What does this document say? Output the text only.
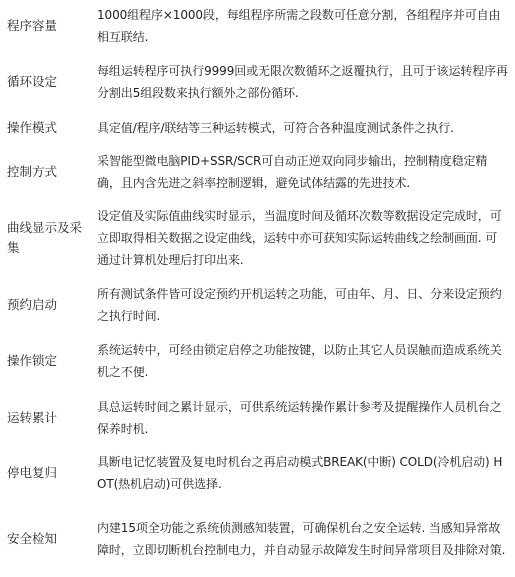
程序容量	1000组程序×1000段，每组程序所需之段数可任意分割，各组程序并可自由相互联结.
循环设定	每组运转程序可执行9999回或无限次数循环之返覆执行，且可于该运转程序再分割出5组段数来执行额外之部份循环.
操作模式	具定值/程序/联结等三种运转模式，可符合各种温度测试条件之执行.
控制方式	采智能型微电脑PID+SSR/SCR可自动正逆双向同步输出，控制精度稳定精确，且内含先进之斜率控制逻辑，避免试体结露的先进技术.
曲线显示及采集	设定值及实际值曲线实时显示，当温度时间及循环次数等数据设定完成时，可立即取得相关数据之设定曲线，运转中亦可获知实际运转曲线之绘制画面. 可通过计算机处理后打印出来.
预约启动	所有测试条件皆可设定预约开机运转之功能，可由年、月、日、分来设定预约之执行时间.
操作锁定	系统运转中，可经由锁定启停之功能按键，以防止其它人员误触而造成系统关机之不便.
运转累计	具总运转时间之累计显示，可供系统运转操作累计参考及提醒操作人员机台之保养时机.
停电复归	具断电记忆装置及复电时机台之再启动模式BREAK(中断) COLD(冷机启动) HOT(热机启动)可供选择.
安全检知	内建15项全功能之系统侦测感知装置，可确保机台之安全运转. 当感知异常故障时，立即切断机台控制电力，并自动显示故障发生时间异常项目及排除对策.
